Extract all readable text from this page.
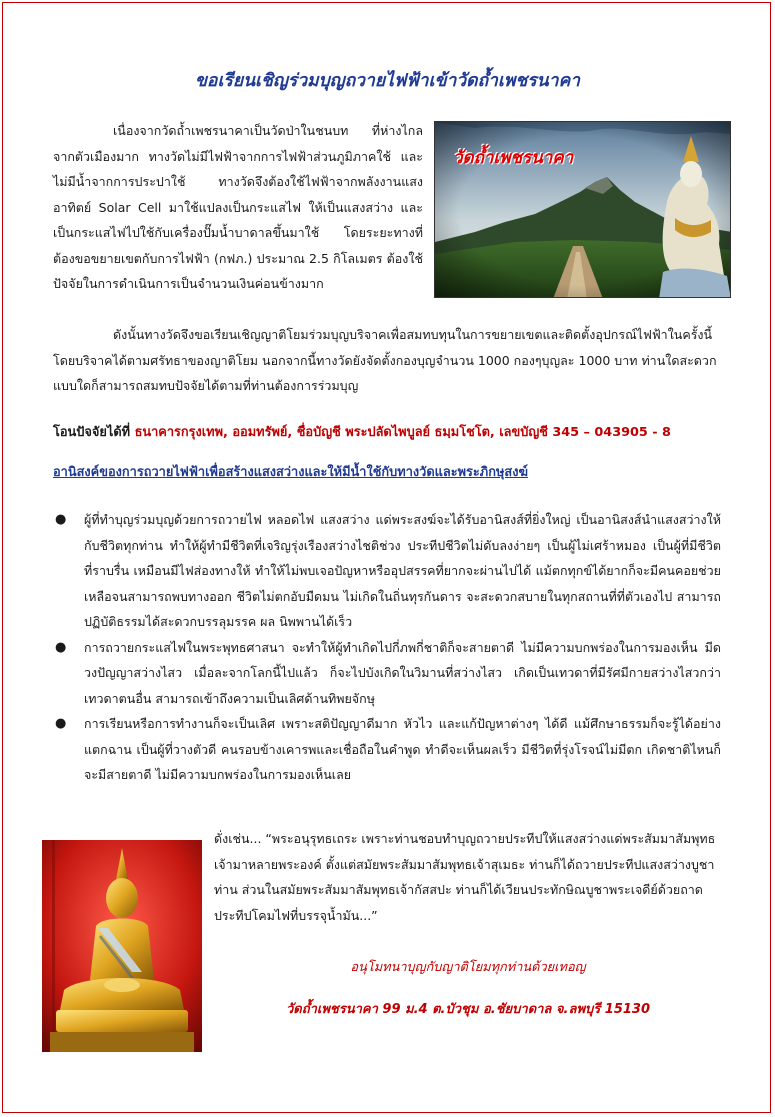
ขอเรียนเชิญร่วมบุญถวายไฟฟ้าเข้าวัดถ้ำเพชรนาคา
เนื่องจากวัดถ้ำเพชรนาคาเป็นวัดป่าในชนบท ที่ห่างไกลจากตัวเมืองมาก ทางวัดไม่มีไฟฟ้าจากการไฟฟ้าส่วนภูมิภาคใช้ และไม่มีน้ำจากการประปาใช้ ทางวัดจึงต้องใช้ไฟฟ้าจากพลังงานแสงอาทิตย์ Solar Cell มาใช้แปลงเป็นกระแสไฟ ให้เป็นแสงสว่าง และ เป็นกระแสไฟไปใช้กับเครื่องปั๊มน้ำบาดาลขึ้นมาใช้ โดยระยะทางที่ต้องขอขยายเขตกับการไฟฟ้า (กฟภ.) ประมาณ 2.5 กิโลเมตร ต้องใช้ปัจจัยในการดำเนินการเป็นจำนวนเงินค่อนข้างมาก
วัดถ้ำเพชรนาคา
ดังนั้นทางวัดจึงขอเรียนเชิญญาติโยมร่วมบุญบริจาคเพื่อสมทบทุนในการขยายเขตและติดตั้งอุปกรณ์ไฟฟ้าในครั้งนี้ โดยบริจาคได้ตามศรัทธาของญาติโยม นอกจากนี้ทางวัดยังจัดตั้งกองบุญจำนวน 1000 กองๆบุญละ 1000 บาท ท่านใดสะดวกแบบใดก็สามารถสมทบปัจจัยได้ตามที่ท่านต้องการร่วมบุญ
โอนปัจจัยได้ที่ ธนาคารกรุงเทพ, ออมทรัพย์, ชื่อบัญชี พระปลัดไพบูลย์ ธมฺมโชโต, เลขบัญชี 345 – 043905 - 8
อานิสงค์ของการถวายไฟฟ้าเพื่อสร้างแสงสว่างและให้มีน้ำใช้กับทางวัดและพระภิกษุสงฆ์
● ผู้ที่ทำบุญร่วมบุญด้วยการถวายไฟ หลอดไฟ แสงสว่าง แด่พระสงฆ์จะได้รับอานิสงส์ที่ยิ่งใหญ่ เป็นอานิสงส์นำแสงสว่างให้กับชีวิตทุกท่าน ทำให้ผู้ทำมีชีวิตที่เจริญรุ่งเรืองสว่างไชติช่วง ประทีปชีวิตไม่ดับลงง่ายๆ เป็นผู้ไม่เศร้าหมอง เป็นผู้ที่มีชีวิตที่ราบรื่น เหมือนมีไฟส่องทางให้ ทำให้ไม่พบเจอปัญหาหรืออุปสรรคที่ยากจะผ่านไปได้ แม้ตกทุกข์ได้ยากก็จะมีคนคอยช่วยเหลือจนสามารถพบทางออก ชีวิตไม่ตกอับมืดมน ไม่เกิดในถิ่นทุรกันดาร จะสะดวกสบายในทุกสถานที่ที่ตัวเองไป สามารถปฏิบัติธรรมได้สะดวกบรรลุมรรค ผล นิพพานได้เร็ว
● การถวายกระแสไฟในพระพุทธศาสนา จะทำให้ผู้ทำเกิดไปกี่ภพกี่ชาติก็จะสายตาดี ไม่มีความบกพร่องในการมองเห็น มีดวงปัญญาสว่างไสว เมื่อละจากโลกนี้ไปแล้ว ก็จะไปบังเกิดในวิมานที่สว่างไสว เกิดเป็นเทวดาที่มีรัศมีกายสว่างไสวกว่าเทวดาตนอื่น สามารถเข้าถึงความเป็นเลิศด้านทิพยจักษุ
● การเรียนหรือการทำงานก็จะเป็นเลิศ เพราะสติปัญญาดีมาก หัวไว และแก้ปัญหาต่างๆ ได้ดี แม้ศึกษาธรรมก็จะรู้ได้อย่างแตกฉาน เป็นผู้ที่วางตัวดี คนรอบข้างเคารพและเชื่อถือในคำพูด ทำดีจะเห็นผลเร็ว มีชีวิตที่รุ่งโรจน์ไม่มีตก เกิดชาติไหนก็จะมีสายตาดี ไม่มีความบกพร่องในการมองเห็นเลย
ดั่งเช่น... “พระอนุรุทธเถระ เพราะท่านชอบทำบุญถวายประทีปให้แสงสว่างแด่พระสัมมาสัมพุทธเจ้ามาหลายพระองค์ ตั้งแต่สมัยพระสัมมาสัมพุทธเจ้าสุเมธะ ท่านก็ได้ถวายประทีปแสงสว่างบูชาท่าน ส่วนในสมัยพระสัมมาสัมพุทธเจ้ากัสสปะ ท่านก็ได้เวียนประทักษิณบูชาพระเจดีย์ด้วยถาดประทีปโคมไฟที่บรรจุน้ำมัน...”
อนุโมทนาบุญกับญาติโยมทุกท่านด้วยเทอญ
วัดถ้ำเพชรนาคา 99 ม.4 ต.บัวชุม อ.ชัยบาดาล จ.ลพบุรี 15130
